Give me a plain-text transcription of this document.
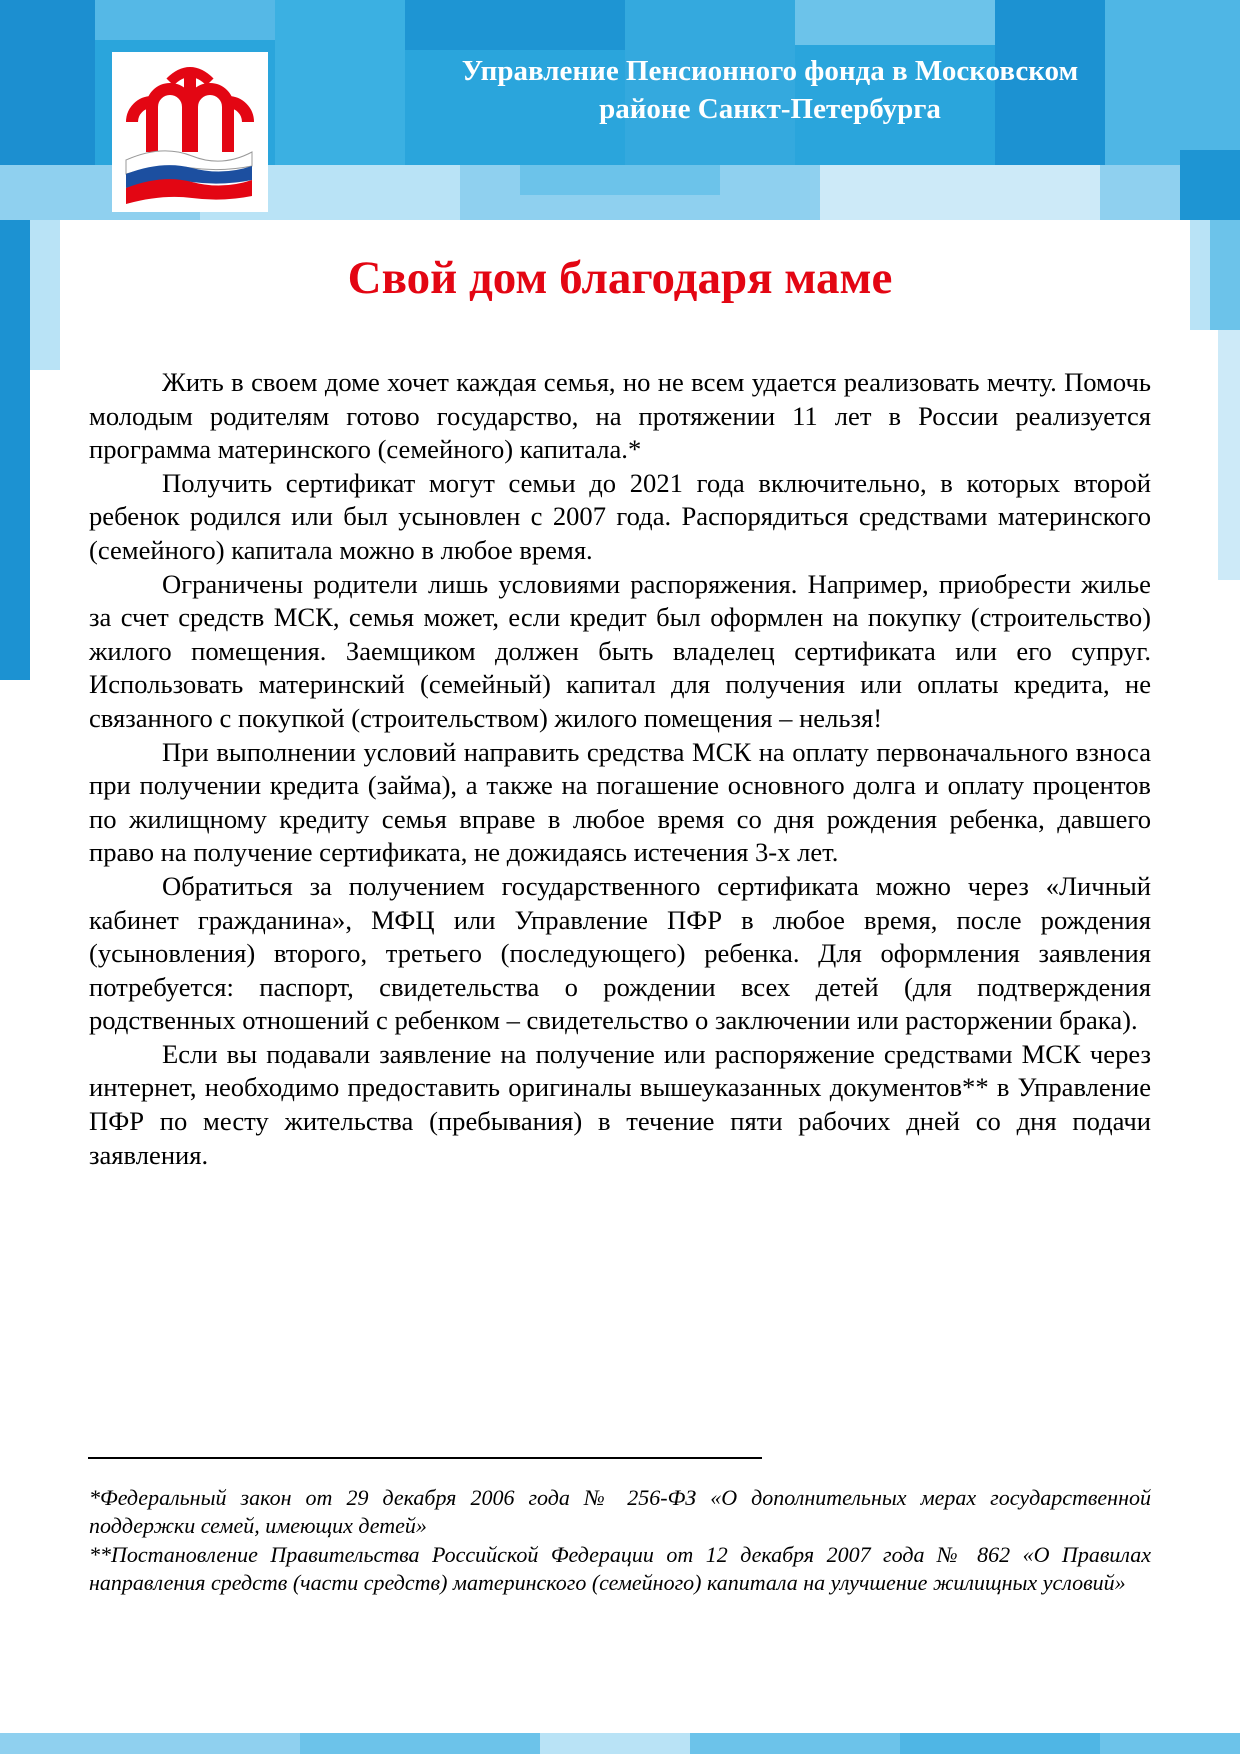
Управление Пенсионного фонда в Московском
районе Санкт-Петербурга
Свой дом благодаря маме

Жить в своем доме хочет каждая семья, но не всем удается реализовать мечту. Помочь молодым родителям готово государство, на протяжении 11 лет в России реализуется программа материнского (семейного) капитала.*

Получить сертификат могут семьи до 2021 года включительно, в которых второй ребенок родился или был усыновлен с 2007 года. Распорядиться средствами материнского (семейного) капитала можно в любое время.

Ограничены родители лишь условиями распоряжения. Например, приобрести жилье за счет средств МСК, семья может, если кредит был оформлен на покупку (строительство) жилого помещения. Заемщиком должен быть владелец сертификата или его супруг. Использовать материнский (семейный) капитал для получения или оплаты кредита, не связанного с покупкой (строительством) жилого помещения – нельзя!

При выполнении условий направить средства МСК на оплату первоначального взноса при получении кредита (займа), а также на погашение основного долга и оплату процентов по жилищному кредиту семья вправе в любое время со дня рождения ребенка, давшего право на получение сертификата, не дожидаясь истечения 3-х лет.

Обратиться за получением государственного сертификата можно через «Личный кабинет гражданина», МФЦ или Управление ПФР в любое время, после рождения (усыновления) второго, третьего (последующего) ребенка. Для оформления заявления потребуется: паспорт, свидетельства о рождении всех детей (для подтверждения родственных отношений с ребенком – свидетельство о заключении или расторжении брака).

Если вы подавали заявление на получение или распоряжение средствами МСК через интернет, необходимо предоставить оригиналы вышеуказанных документов** в Управление ПФР по месту жительства (пребывания) в течение пяти рабочих дней со дня подачи заявления.

*Федеральный закон от 29 декабря 2006 года № 256-ФЗ «О дополнительных мерах государственной поддержки семей, имеющих детей»

**Постановление Правительства Российской Федерации от 12 декабря 2007 года № 862 «О Правилах направления средств (части средств) материнского (семейного) капитала на улучшение жилищных условий»
